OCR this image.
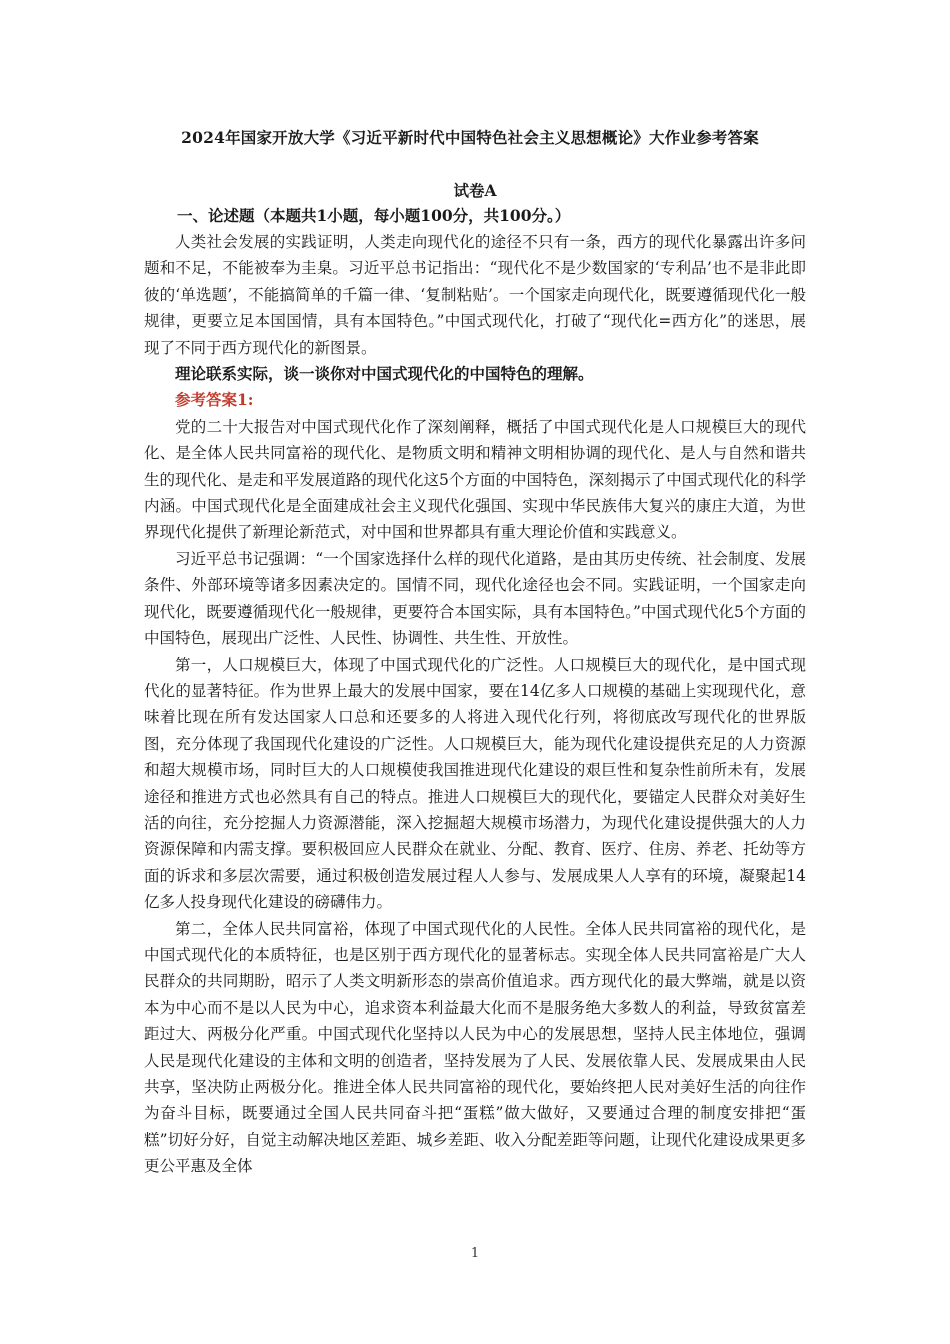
2024年国家开放大学《习近平新时代中国特色社会主义思想概论》大作业参考答案
试卷A
一、论述题（本题共1小题，每小题100分，共100分。）

人类社会发展的实践证明，人类走向现代化的途径不只有一条，西方的现代化暴露出许多问题和不足，不能被奉为圭臬。习近平总书记指出：“现代化不是少数国家的‘专利品’也不是非此即彼的‘单选题’，不能搞简单的千篇一律、‘复制粘贴’。一个国家走向现代化，既要遵循现代化一般规律，更要立足本国国情，具有本国特色。”中国式现代化，打破了“现代化=西方化”的迷思，展现了不同于西方现代化的新图景。

理论联系实际，谈一谈你对中国式现代化的中国特色的理解。

参考答案1:

党的二十大报告对中国式现代化作了深刻阐释，概括了中国式现代化是人口规模巨大的现代化、是全体人民共同富裕的现代化、是物质文明和精神文明相协调的现代化、是人与自然和谐共生的现代化、是走和平发展道路的现代化这5个方面的中国特色，深刻揭示了中国式现代化的科学内涵。中国式现代化是全面建成社会主义现代化强国、实现中华民族伟大复兴的康庄大道，为世界现代化提供了新理论新范式，对中国和世界都具有重大理论价值和实践意义。

习近平总书记强调：“一个国家选择什么样的现代化道路，是由其历史传统、社会制度、发展条件、外部环境等诸多因素决定的。国情不同，现代化途径也会不同。实践证明，一个国家走向现代化，既要遵循现代化一般规律，更要符合本国实际，具有本国特色。”中国式现代化5个方面的中国特色，展现出广泛性、人民性、协调性、共生性、开放性。

第一，人口规模巨大，体现了中国式现代化的广泛性。人口规模巨大的现代化，是中国式现代化的显著特征。作为世界上最大的发展中国家，要在14亿多人口规模的基础上实现现代化，意味着比现在所有发达国家人口总和还要多的人将进入现代化行列，将彻底改写现代化的世界版图，充分体现了我国现代化建设的广泛性。人口规模巨大，能为现代化建设提供充足的人力资源和超大规模市场，同时巨大的人口规模使我国推进现代化建设的艰巨性和复杂性前所未有，发展途径和推进方式也必然具有自己的特点。推进人口规模巨大的现代化，要锚定人民群众对美好生活的向往，充分挖掘人力资源潜能，深入挖掘超大规模市场潜力，为现代化建设提供强大的人力资源保障和内需支撑。要积极回应人民群众在就业、分配、教育、医疗、住房、养老、托幼等方面的诉求和多层次需要，通过积极创造发展过程人人参与、发展成果人人享有的环境，凝聚起14亿多人投身现代化建设的磅礴伟力。

第二，全体人民共同富裕，体现了中国式现代化的人民性。全体人民共同富裕的现代化，是中国式现代化的本质特征，也是区别于西方现代化的显著标志。实现全体人民共同富裕是广大人民群众的共同期盼，昭示了人类文明新形态的崇高价值追求。西方现代化的最大弊端，就是以资本为中心而不是以人民为中心，追求资本利益最大化而不是服务绝大多数人的利益，导致贫富差距过大、两极分化严重。中国式现代化坚持以人民为中心的发展思想，坚持人民主体地位，强调人民是现代化建设的主体和文明的创造者，坚持发展为了人民、发展依靠人民、发展成果由人民共享，坚决防止两极分化。推进全体人民共同富裕的现代化，要始终把人民对美好生活的向往作为奋斗目标，既要通过全国人民共同奋斗把“蛋糕”做大做好，又要通过合理的制度安排把“蛋糕”切好分好，自觉主动解决地区差距、城乡差距、收入分配差距等问题，让现代化建设成果更多更公平惠及全体

1
